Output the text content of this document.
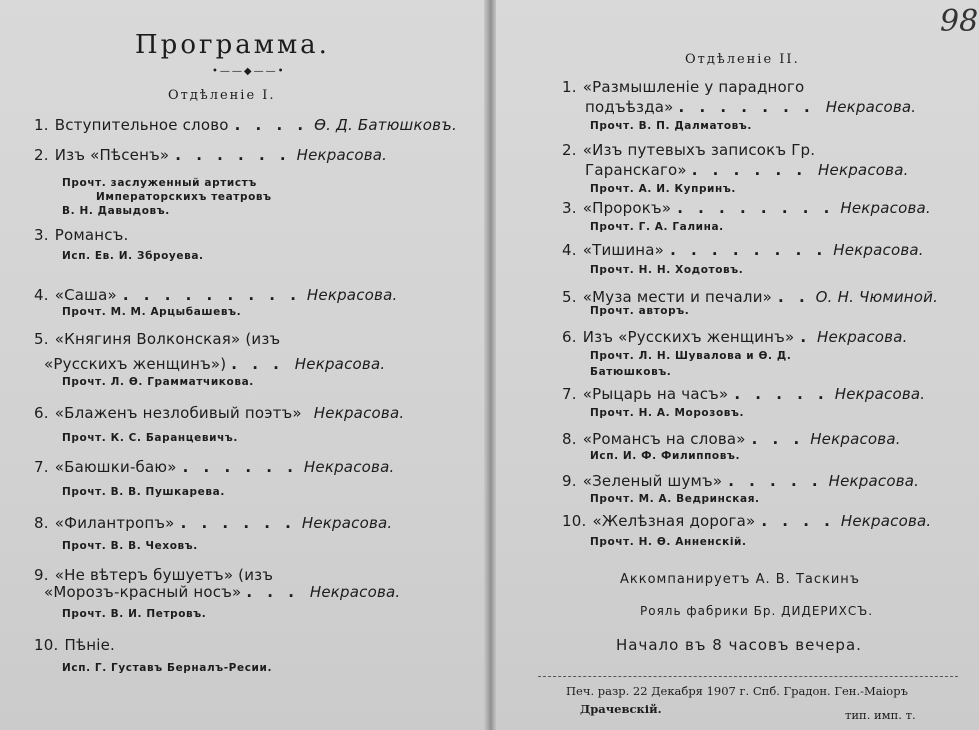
Программа.
•——◆——•
Отдѣленіе I.
1. Вступительное слово . . . . Ө. Д. Батюшковъ.
2. Изъ «Пѣсенъ» . . . . . . Некрасова.
Прочт. заслуженный артистъ
3. Романсъ.
Исп. Ев. И. Зброуева.
4. «Саша» . . . . . . . . . Некрасова.
Прочт. М. М. Арцыбашевъ.
5. «Княгиня Волконская» (изъ
Прочт. Л. Ө. Грамматчикова.
6. «Блаженъ незлобивый поэтъ» Некрасова.
Прочт. К. С. Баранцевичъ.
7. «Баюшки-баю» . . . . . . Некрасова.
Прочт. В. В. Пушкарева.
8. «Филантропъ» . . . . . . Некрасова.
Прочт. В. В. Чеховъ.
9. «Не вѣтеръ бушуетъ» (изъ
Прочт. В. И. Петровъ.
10. Пѣніе.
Исп. Г. Густавъ Берналъ-Ресии.
Императорскихъ театровъ
В. Н. Давыдовъ.
«Русскихъ женщинъ») . . . Некрасова.
«Морозъ-красный носъ» . . . Некрасова.
98
Отдѣленіе II.
1. «Размышленіе у парадного
Прочт. В. П. Далматовъ.
2. «Изъ путевыхъ записокъ Гр.
Прочт. А. И. Купринъ.
3. «Пророкъ» . . . . . . . . Некрасова.
Прочт. Г. А. Галина.
4. «Тишина» . . . . . . . . Некрасова.
Прочт. Н. Н. Ходотовъ.
5. «Муза мести и печали» . . О. Н. Чюминой.
Прочт. авторъ.
6. Изъ «Русскихъ женщинъ» . Некрасова.
Прочт. Л. Н. Шувалова и Ө. Д.
7. «Рыцарь на часъ» . . . . . Некрасова.
Прочт. Н. А. Морозовъ.
8. «Романсъ на слова» . . . Некрасова.
Исп. И. Ф. Филипповъ.
9. «Зеленый шумъ» . . . . . Некрасова.
Прочт. М. А. Ведринская.
10. «Желѣзная дорога» . . . . Некрасова.
Прочт. Н. Ө. Анненскій.
подъѣзда» . . . . . . . Некрасова.
Гаранскаго» . . . . . . Некрасова.
Батюшковъ.
Аккомпанируетъ А. В. Таскинъ
Рояль фабрики Бр. ДИДЕРИХСЪ.
Начало въ 8 часовъ вечера.
Печ. разр. 22 Декабря 1907 г. Спб. Градон. Ген.-Маіоръ
Драчевскій.	тип. имп. т.
